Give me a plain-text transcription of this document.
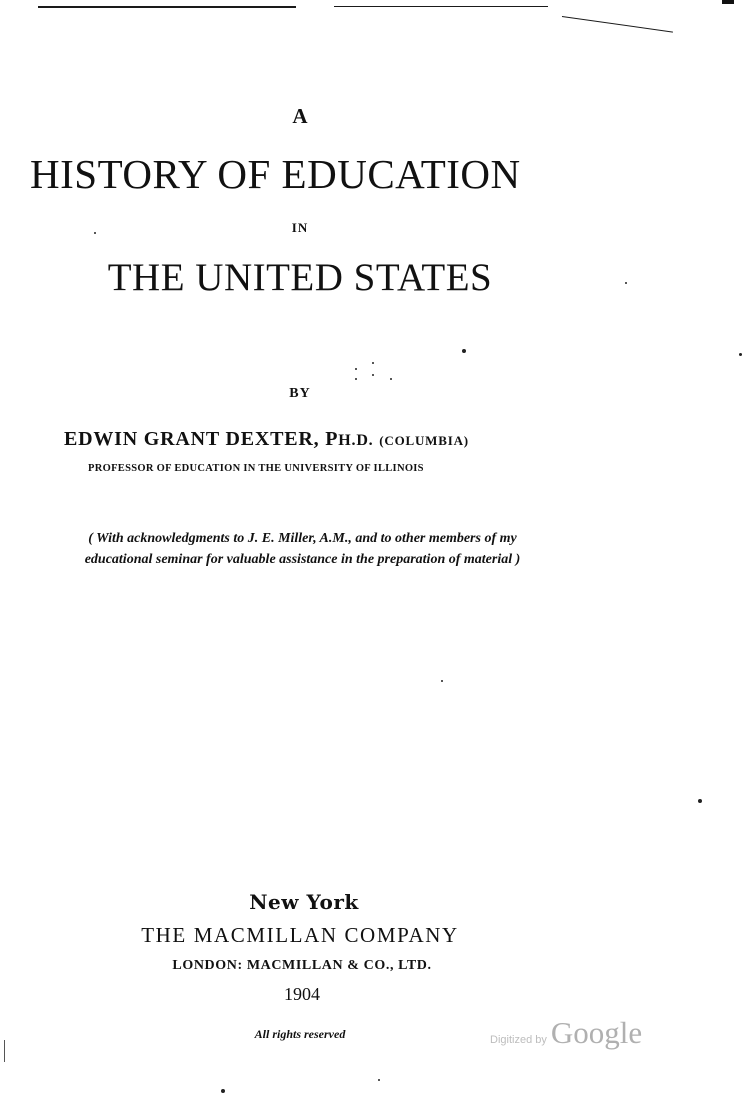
A
HISTORY OF EDUCATION
IN
THE UNITED STATES
BY
EDWIN GRANT DEXTER, PH.D. (COLUMBIA)
PROFESSOR OF EDUCATION IN THE UNIVERSITY OF ILLINOIS
( With acknowledgments to J. E. Miller, A.M., and to other members of my educational seminar for valuable assistance in the preparation of material )
New York
THE MACMILLAN COMPANY
LONDON: MACMILLAN & CO., LTD.
1904
All rights reserved	Digitized by Google
